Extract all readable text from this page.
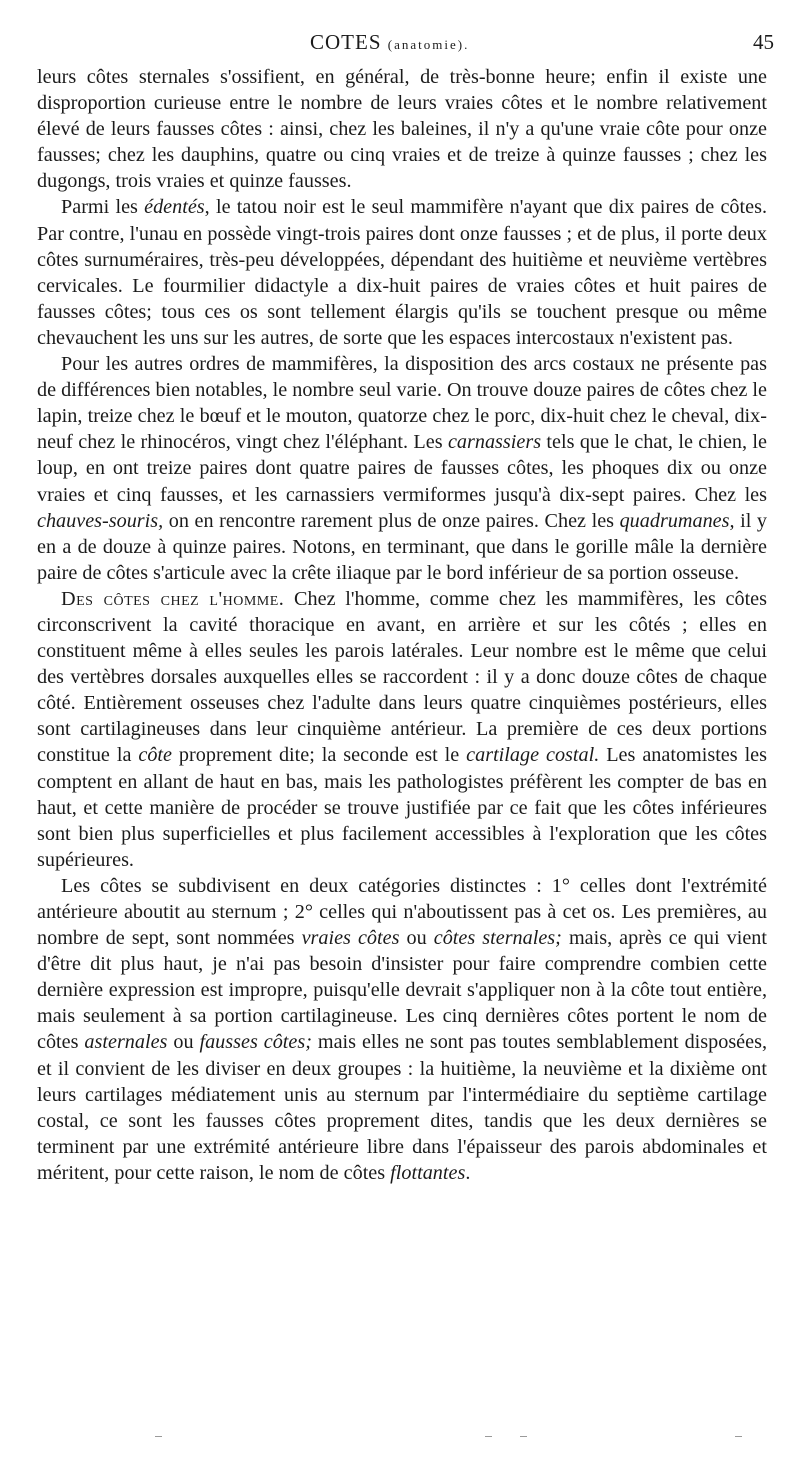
COTES (anatomie).	45

leurs côtes sternales s'ossifient, en général, de très-bonne heure; enfin il existe une disproportion curieuse entre le nombre de leurs vraies côtes et le nombre relativement élevé de leurs fausses côtes : ainsi, chez les baleines, il n'y a qu'une vraie côte pour onze fausses; chez les dauphins, quatre ou cinq vraies et de treize à quinze fausses ; chez les dugongs, trois vraies et quinze fausses.

Parmi les édentés, le tatou noir est le seul mammifère n'ayant que dix paires de côtes. Par contre, l'unau en possède vingt-trois paires dont onze fausses ; et de plus, il porte deux côtes surnuméraires, très-peu développées, dépendant des huitième et neuvième vertèbres cervicales. Le fourmilier didactyle a dix-huit paires de vraies côtes et huit paires de fausses côtes; tous ces os sont tellement élargis qu'ils se touchent presque ou même chevauchent les uns sur les autres, de sorte que les espaces intercostaux n'existent pas.

Pour les autres ordres de mammifères, la disposition des arcs costaux ne présente pas de différences bien notables, le nombre seul varie. On trouve douze paires de côtes chez le lapin, treize chez le bœuf et le mouton, quatorze chez le porc, dix-huit chez le cheval, dix-neuf chez le rhinocéros, vingt chez l'éléphant. Les carnassiers tels que le chat, le chien, le loup, en ont treize paires dont quatre paires de fausses côtes, les phoques dix ou onze vraies et cinq fausses, et les carnassiers vermiformes jusqu'à dix-sept paires. Chez les chauves-souris, on en rencontre rarement plus de onze paires. Chez les quadrumanes, il y en a de douze à quinze paires. Notons, en terminant, que dans le gorille mâle la dernière paire de côtes s'articule avec la crête iliaque par le bord inférieur de sa portion osseuse.

Des côtes chez l'homme. Chez l'homme, comme chez les mammifères, les côtes circonscrivent la cavité thoracique en avant, en arrière et sur les côtés ; elles en constituent même à elles seules les parois latérales. Leur nombre est le même que celui des vertèbres dorsales auxquelles elles se raccordent : il y a donc douze côtes de chaque côté. Entièrement osseuses chez l'adulte dans leurs quatre cinquièmes postérieurs, elles sont cartilagineuses dans leur cinquième antérieur. La première de ces deux portions constitue la côte proprement dite; la seconde est le cartilage costal. Les anatomistes les comptent en allant de haut en bas, mais les pathologistes préfèrent les compter de bas en haut, et cette manière de procéder se trouve justifiée par ce fait que les côtes inférieures sont bien plus superficielles et plus facilement accessibles à l'exploration que les côtes supérieures.

Les côtes se subdivisent en deux catégories distinctes : 1° celles dont l'extrémité antérieure aboutit au sternum ; 2° celles qui n'aboutissent pas à cet os. Les premières, au nombre de sept, sont nommées vraies côtes ou côtes sternales; mais, après ce qui vient d'être dit plus haut, je n'ai pas besoin d'insister pour faire comprendre combien cette dernière expression est impropre, puisqu'elle devrait s'appliquer non à la côte tout entière, mais seulement à sa portion cartilagineuse. Les cinq dernières côtes portent le nom de côtes asternales ou fausses côtes; mais elles ne sont pas toutes semblablement disposées, et il convient de les diviser en deux groupes : la huitième, la neuvième et la dixième ont leurs cartilages médiatement unis au sternum par l'intermédiaire du septième cartilage costal, ce sont les fausses côtes proprement dites, tandis que les deux dernières se terminent par une extrémité antérieure libre dans l'épaisseur des parois abdominales et méritent, pour cette raison, le nom de côtes flottantes.
